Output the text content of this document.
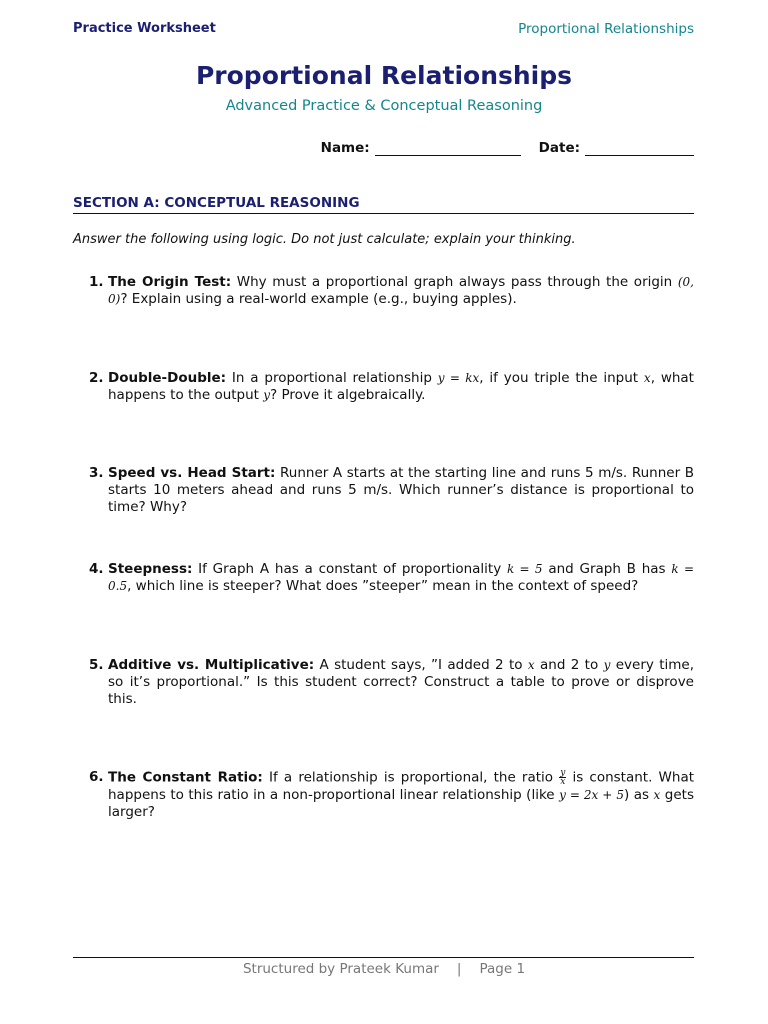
Practice Worksheet	Proportional Relationships
Proportional Relationships
Advanced Practice & Conceptual Reasoning
Name:	Date:
SECTION A: CONCEPTUAL REASONING
Answer the following using logic. Do not just calculate; explain your thinking.
1. The Origin Test: Why must a proportional graph always pass through the origin (0, 0)? Explain using a real-world example (e.g., buying apples).
2. Double-Double: In a proportional relationship y = kx, if you triple the input x, what happens to the output y? Prove it algebraically.
3. Speed vs. Head Start: Runner A starts at the starting line and runs 5 m/s. Runner B starts 10 meters ahead and runs 5 m/s. Which runner’s distance is proportional to time? Why?
4. Steepness: If Graph A has a constant of proportionality k = 5 and Graph B has k = 0.5, which line is steeper? What does ”steeper” mean in the context of speed?
5. Additive vs. Multiplicative: A student says, ”I added 2 to x and 2 to y every time, so it’s proportional.” Is this student correct? Construct a table to prove or disprove this.
6. The Constant Ratio: If a relationship is proportional, the ratio $\frac{y}{x}$ is constant. What happens to this ratio in a non-proportional linear relationship (like y = 2x + 5) as x gets larger?
Structured by Prateek Kumar | Page 1
